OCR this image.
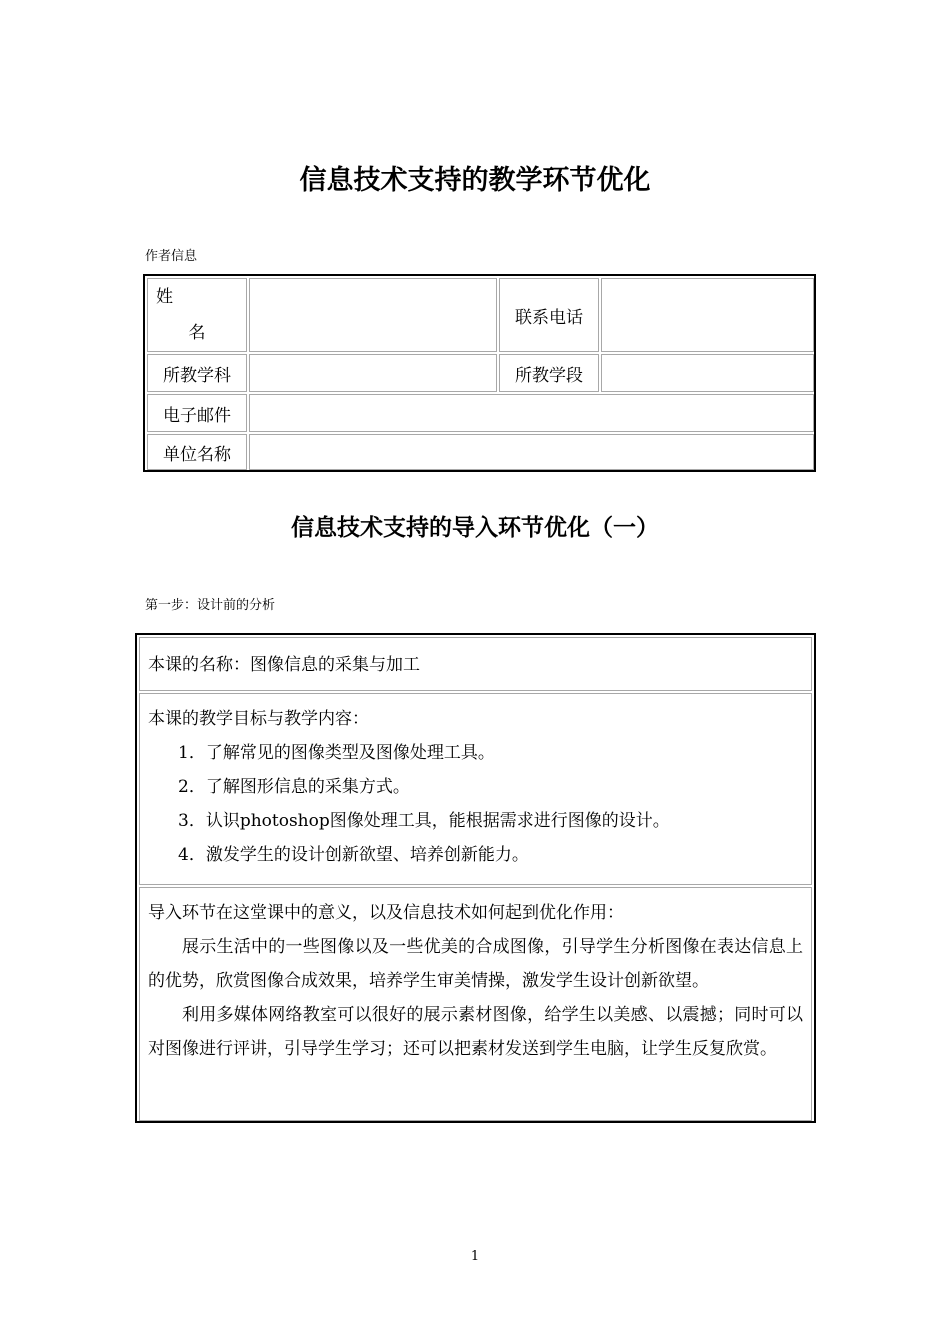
信息技术支持的教学环节优化
作者信息
姓
名
联系电话
所教学科	所教学段
电子邮件
单位名称
信息技术支持的导入环节优化（一）
第一步：设计前的分析

本课的名称：图像信息的采集与加工

本课的教学目标与教学内容：

1．了解常见的图像类型及图像处理工具。

2．了解图形信息的采集方式。

3．认识photoshop图像处理工具，能根据需求进行图像的设计。

4．激发学生的设计创新欲望、培养创新能力。

导入环节在这堂课中的意义，以及信息技术如何起到优化作用：

展示生活中的一些图像以及一些优美的合成图像，引导学生分析图像在表达信息上的优势，欣赏图像合成效果，培养学生审美情操，激发学生设计创新欲望。

利用多媒体网络教室可以很好的展示素材图像，给学生以美感、以震撼；同时可以对图像进行评讲，引导学生学习；还可以把素材发送到学生电脑，让学生反复欣赏。

1
